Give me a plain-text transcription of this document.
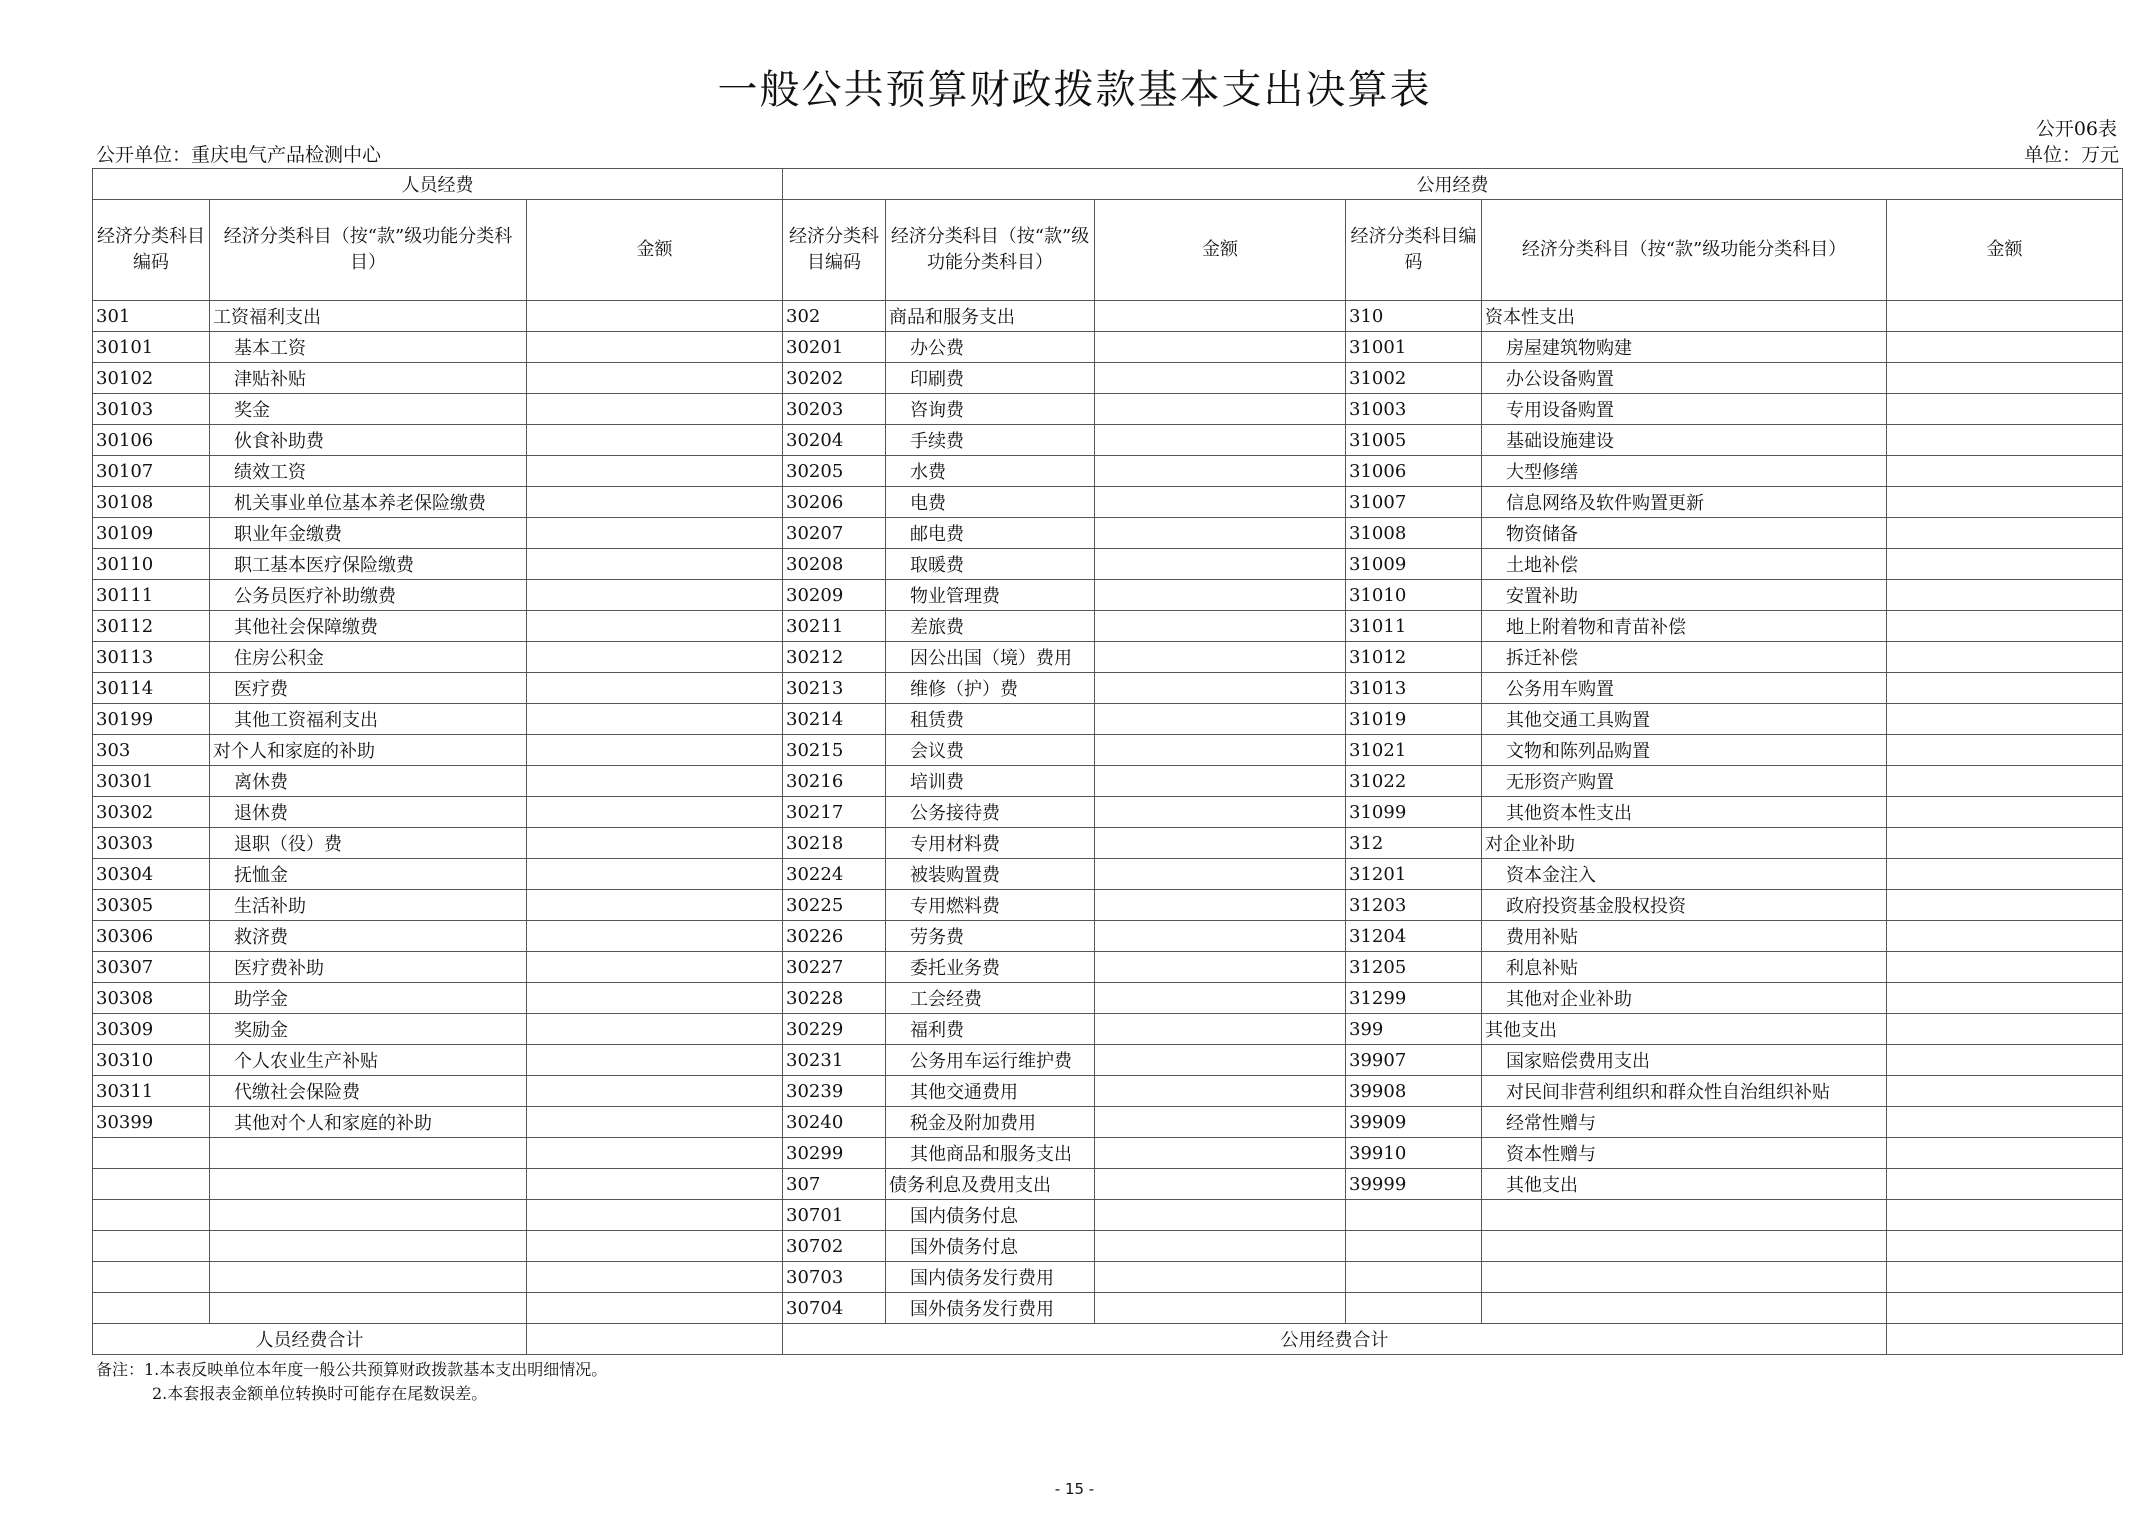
一般公共预算财政拨款基本支出决算表
公开06表
公开单位：重庆电气产品检测中心	单位：万元
人员经费			公用经费					
经济分类科目编码	经济分类科目（按“款”级功能分类科目）	金额	经济分类科目编码	经济分类科目（按“款”级功能分类科目）	金额	经济分类科目编码	经济分类科目（按“款”级功能分类科目）	金额
301	工资福利支出		302	商品和服务支出		310	资本性支出	
30101	基本工资		30201	办公费		31001	房屋建筑物购建	
30102	津贴补贴		30202	印刷费		31002	办公设备购置	
30103	奖金		30203	咨询费		31003	专用设备购置	
30106	伙食补助费		30204	手续费		31005	基础设施建设	
30107	绩效工资		30205	水费		31006	大型修缮	
30108	机关事业单位基本养老保险缴费		30206	电费		31007	信息网络及软件购置更新	
30109	职业年金缴费		30207	邮电费		31008	物资储备	
30110	职工基本医疗保险缴费		30208	取暖费		31009	土地补偿	
30111	公务员医疗补助缴费		30209	物业管理费		31010	安置补助	
30112	其他社会保障缴费		30211	差旅费		31011	地上附着物和青苗补偿	
30113	住房公积金		30212	因公出国（境）费用		31012	拆迁补偿	
30114	医疗费		30213	维修（护）费		31013	公务用车购置	
30199	其他工资福利支出		30214	租赁费		31019	其他交通工具购置	
303	对个人和家庭的补助		30215	会议费		31021	文物和陈列品购置	
30301	离休费		30216	培训费		31022	无形资产购置	
30302	退休费		30217	公务接待费		31099	其他资本性支出	
30303	退职（役）费		30218	专用材料费		312	对企业补助	
30304	抚恤金		30224	被装购置费		31201	资本金注入	
30305	生活补助		30225	专用燃料费		31203	政府投资基金股权投资	
30306	救济费		30226	劳务费		31204	费用补贴	
30307	医疗费补助		30227	委托业务费		31205	利息补贴	
30308	助学金		30228	工会经费		31299	其他对企业补助	
30309	奖励金		30229	福利费		399	其他支出	
30310	个人农业生产补贴		30231	公务用车运行维护费		39907	国家赔偿费用支出	
30311	代缴社会保险费		30239	其他交通费用		39908	对民间非营利组织和群众性自治组织补贴	
30399	其他对个人和家庭的补助		30240	税金及附加费用		39909	经常性赠与	
			30299	其他商品和服务支出		39910	资本性赠与	
			307	债务利息及费用支出		39999	其他支出	
			30701	国内债务付息				
			30702	国外债务付息				
			30703	国内债务发行费用				
			30704	国外债务发行费用				
人员经费合计			公用经费合计					
备注：1.本表反映单位本年度一般公共预算财政拨款基本支出明细情况。
2.本套报表金额单位转换时可能存在尾数误差。
- 15 -
